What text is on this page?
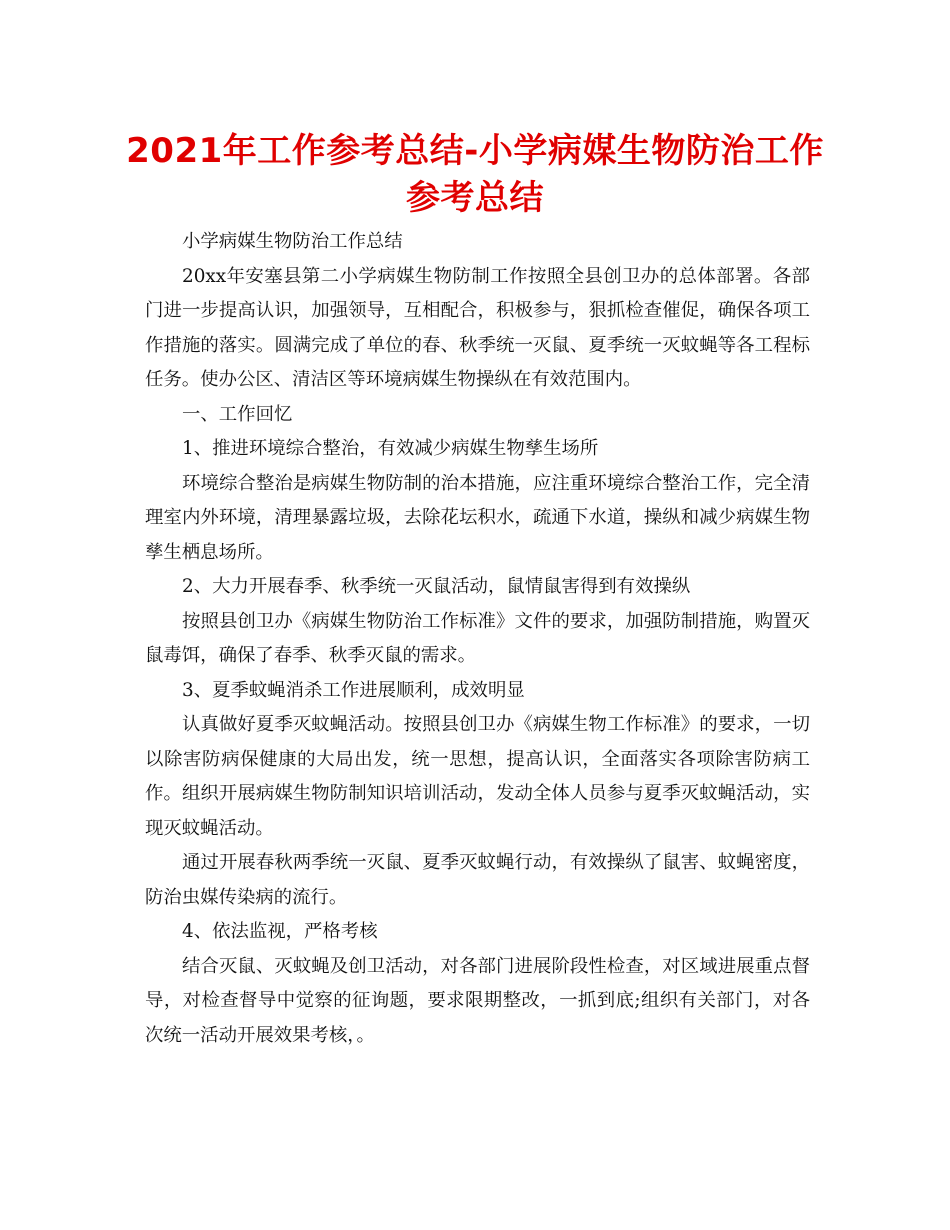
2021年工作参考总结-小学病媒生物防治工作参考总结

小学病媒生物防治工作总结

20xx年安塞县第二小学病媒生物防制工作按照全县创卫办的总体部署。各部门进一步提高认识，加强领导，互相配合，积极参与，狠抓检查催促，确保各项工作措施的落实。圆满完成了单位的春、秋季统一灭鼠、夏季统一灭蚊蝇等各工程标任务。使办公区、清洁区等环境病媒生物操纵在有效范围内。

一、工作回忆

1、推进环境综合整治，有效减少病媒生物孳生场所

环境综合整治是病媒生物防制的治本措施，应注重环境综合整治工作，完全清理室内外环境，清理暴露垃圾，去除花坛积水，疏通下水道，操纵和减少病媒生物孳生栖息场所。

2、大力开展春季、秋季统一灭鼠活动，鼠情鼠害得到有效操纵

按照县创卫办《病媒生物防治工作标准》文件的要求，加强防制措施，购置灭鼠毒饵，确保了春季、秋季灭鼠的需求。

3、夏季蚊蝇消杀工作进展顺利，成效明显

认真做好夏季灭蚊蝇活动。按照县创卫办《病媒生物工作标准》的要求，一切以除害防病保健康的大局出发，统一思想，提高认识，全面落实各项除害防病工作。组织开展病媒生物防制知识培训活动，发动全体人员参与夏季灭蚊蝇活动，实现灭蚊蝇活动。

通过开展春秋两季统一灭鼠、夏季灭蚊蝇行动，有效操纵了鼠害、蚊蝇密度，防治虫媒传染病的流行。

4、依法监视，严格考核

结合灭鼠、灭蚊蝇及创卫活动，对各部门进展阶段性检查，对区域进展重点督导，对检查督导中觉察的征询题，要求限期整改，一抓到底;组织有关部门，对各次统一活动开展效果考核，。
